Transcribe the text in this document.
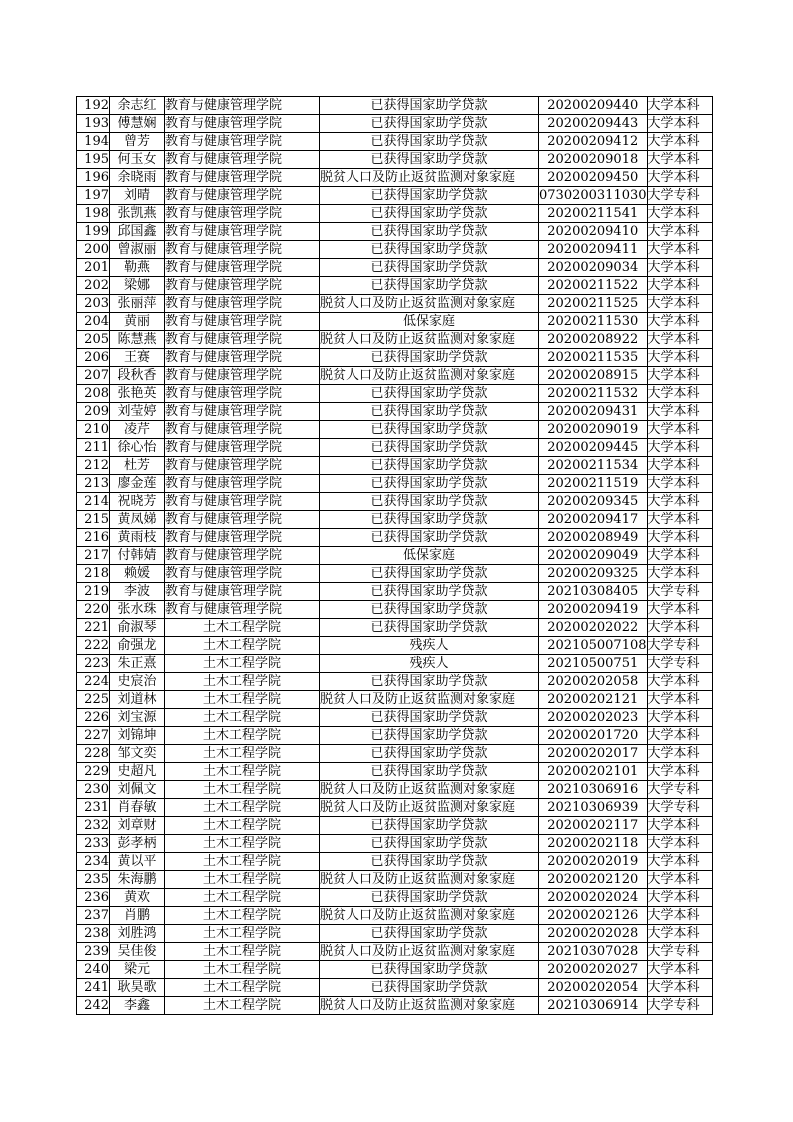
192	余志红	教育与健康管理学院	已获得国家助学贷款	20200209440	大学本科
193	傅慧娴	教育与健康管理学院	已获得国家助学贷款	20200209443	大学本科
194	曾芳	教育与健康管理学院	已获得国家助学贷款	20200209412	大学本科
195	何玉女	教育与健康管理学院	已获得国家助学贷款	20200209018	大学本科
196	余晓雨	教育与健康管理学院	脱贫人口及防止返贫监测对象家庭	20200209450	大学本科
197	刘晴	教育与健康管理学院	已获得国家助学贷款	0730200311030	大学专科
198	张凯燕	教育与健康管理学院	已获得国家助学贷款	20200211541	大学本科
199	邱国鑫	教育与健康管理学院	已获得国家助学贷款	20200209410	大学本科
200	曾淑丽	教育与健康管理学院	已获得国家助学贷款	20200209411	大学本科
201	勒燕	教育与健康管理学院	已获得国家助学贷款	20200209034	大学本科
202	梁娜	教育与健康管理学院	已获得国家助学贷款	20200211522	大学本科
203	张丽萍	教育与健康管理学院	脱贫人口及防止返贫监测对象家庭	20200211525	大学本科
204	黄丽	教育与健康管理学院	低保家庭	20200211530	大学本科
205	陈慧燕	教育与健康管理学院	脱贫人口及防止返贫监测对象家庭	20200208922	大学本科
206	王赛	教育与健康管理学院	已获得国家助学贷款	20200211535	大学本科
207	段秋香	教育与健康管理学院	脱贫人口及防止返贫监测对象家庭	20200208915	大学本科
208	张艳英	教育与健康管理学院	已获得国家助学贷款	20200211532	大学本科
209	刘莹婷	教育与健康管理学院	已获得国家助学贷款	20200209431	大学本科
210	凌芹	教育与健康管理学院	已获得国家助学贷款	20200209019	大学本科
211	徐心怡	教育与健康管理学院	已获得国家助学贷款	20200209445	大学本科
212	杜芳	教育与健康管理学院	已获得国家助学贷款	20200211534	大学本科
213	廖金莲	教育与健康管理学院	已获得国家助学贷款	20200211519	大学本科
214	祝晓芳	教育与健康管理学院	已获得国家助学贷款	20200209345	大学本科
215	黄凤娣	教育与健康管理学院	已获得国家助学贷款	20200209417	大学本科
216	黄雨枝	教育与健康管理学院	已获得国家助学贷款	20200208949	大学本科
217	付韩婧	教育与健康管理学院	低保家庭	20200209049	大学本科
218	赖媛	教育与健康管理学院	已获得国家助学贷款	20200209325	大学本科
219	李波	教育与健康管理学院	已获得国家助学贷款	20210308405	大学专科
220	张水珠	教育与健康管理学院	已获得国家助学贷款	20200209419	大学本科
221	俞淑琴	土木工程学院	已获得国家助学贷款	20200202022	大学本科
222	俞强龙	土木工程学院	残疾人	202105007108	大学专科
223	朱正熹	土木工程学院	残疾人	20210500751	大学专科
224	史宸治	土木工程学院	已获得国家助学贷款	20200202058	大学本科
225	刘道林	土木工程学院	脱贫人口及防止返贫监测对象家庭	20200202121	大学本科
226	刘宝源	土木工程学院	已获得国家助学贷款	20200202023	大学本科
227	刘锦坤	土木工程学院	已获得国家助学贷款	20200201720	大学本科
228	邹文奕	土木工程学院	已获得国家助学贷款	20200202017	大学本科
229	史超凡	土木工程学院	已获得国家助学贷款	20200202101	大学本科
230	刘佩文	土木工程学院	脱贫人口及防止返贫监测对象家庭	20210306916	大学专科
231	肖春敏	土木工程学院	脱贫人口及防止返贫监测对象家庭	20210306939	大学专科
232	刘章财	土木工程学院	已获得国家助学贷款	20200202117	大学本科
233	彭孝柄	土木工程学院	已获得国家助学贷款	20200202118	大学本科
234	黄以平	土木工程学院	已获得国家助学贷款	20200202019	大学本科
235	朱海鹏	土木工程学院	脱贫人口及防止返贫监测对象家庭	20200202120	大学本科
236	黄欢	土木工程学院	已获得国家助学贷款	20200202024	大学本科
237	肖鹏	土木工程学院	脱贫人口及防止返贫监测对象家庭	20200202126	大学本科
238	刘胜鸿	土木工程学院	已获得国家助学贷款	20200202028	大学本科
239	吴佳俊	土木工程学院	脱贫人口及防止返贫监测对象家庭	20210307028	大学专科
240	梁元	土木工程学院	已获得国家助学贷款	20200202027	大学本科
241	耿昊歌	土木工程学院	已获得国家助学贷款	20200202054	大学本科
242	李鑫	土木工程学院	脱贫人口及防止返贫监测对象家庭	20210306914	大学专科
